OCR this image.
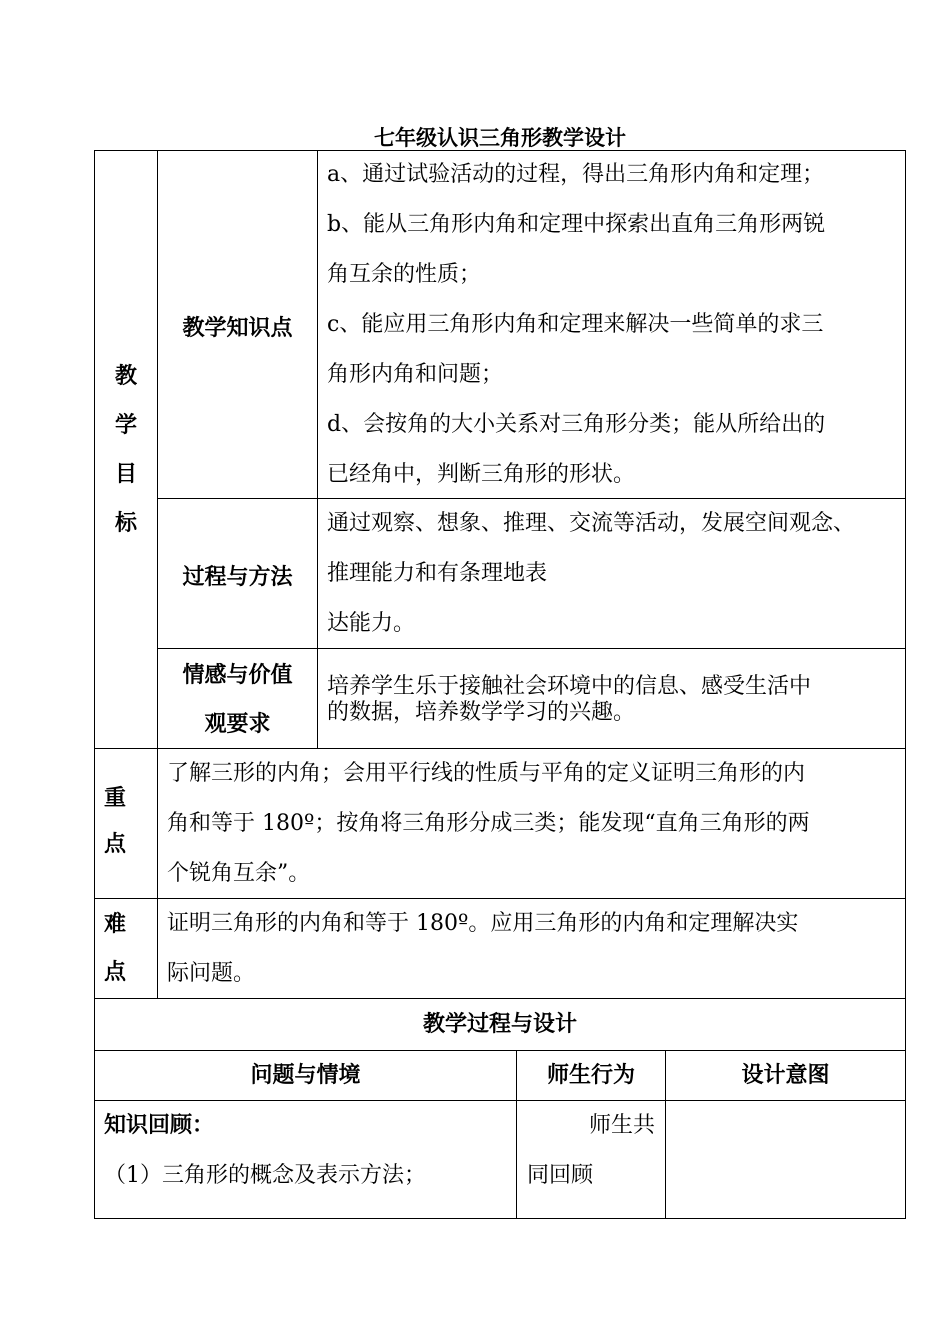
七年级认识三角形教学设计
教
学
目
标
教学知识点
a、通过试验活动的过程，得出三角形内角和定理；
b、能从三角形内角和定理中探索出直角三角形两锐
角互余的性质；
c、能应用三角形内角和定理来解决一些简单的求三
角形内角和问题；
d、会按角的大小关系对三角形分类；能从所给出的
已经角中，判断三角形的形状。
过程与方法
通过观察、想象、推理、交流等活动，发展空间观念、
推理能力和有条理地表
达能力。
情感与价值
观要求
培养学生乐于接触社会环境中的信息、感受生活中
的数据，培养数学学习的兴趣。
重
点
了解三形的内角；会用平行线的性质与平角的定义证明三角形的内
角和等于 180º；按角将三角形分成三类；能发现“直角三角形的两
个锐角互余”。
难
点
证明三角形的内角和等于 180º。应用三角形的内角和定理解决实
际问题。
教学过程与设计
问题与情境	师生行为	设计意图
知识回顾：
（1）三角形的概念及表示方法；
师生共
同回顾
